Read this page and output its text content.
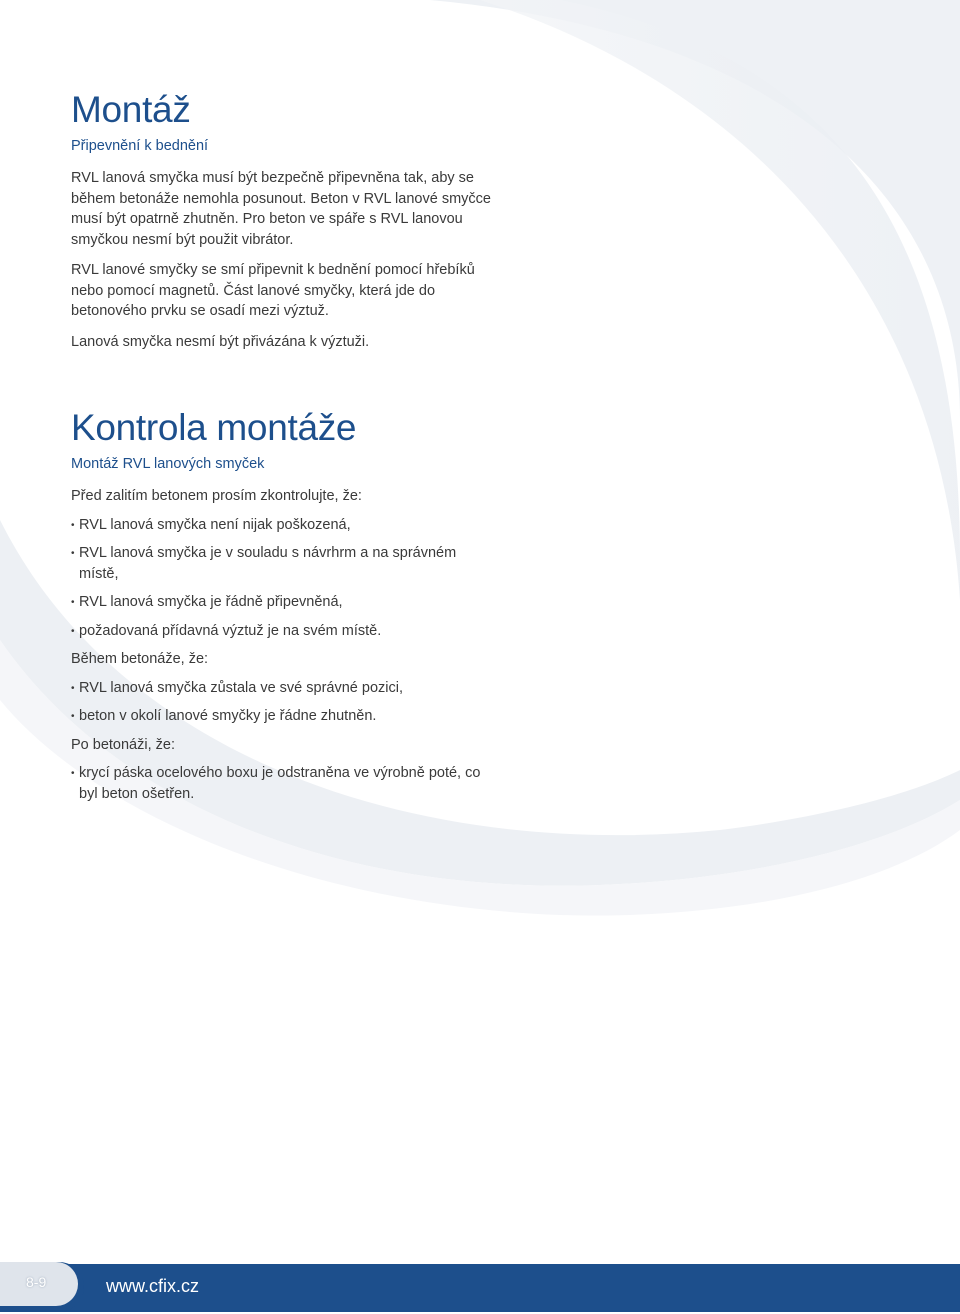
Montáž
Připevnění k bednění

RVL lanová smyčka musí být bezpečně připevněna tak, aby se během betonáže nemohla posunout. Beton v RVL lanové smyčce musí být opatrně zhutněn. Pro beton ve spáře s RVL lanovou smyčkou nesmí být použit vibrátor.

RVL lanové smyčky se smí připevnit k bednění pomocí hřebíků nebo pomocí magnetů. Část lanové smyčky, která jde do betonového prvku se osadí mezi výztuž.

Lanová smyčka nesmí být přivázána k výztuži.

Kontrola montáže
Montáž RVL lanových smyček

Před zalitím betonem prosím zkontrolujte, že:

• RVL lanová smyčka není nijak poškozená,
• RVL lanová smyčka je v souladu s návrhrm a na správném místě,
• RVL lanová smyčka je řádně připevněná,
• požadovaná přídavná výztuž je na svém místě.

Během betonáže, že:

• RVL lanová smyčka zůstala ve své správné pozici,
• beton v okolí lanové smyčky je řádne zhutněn.

Po betonáži, že:

• krycí páska ocelového boxu je odstraněna ve výrobně poté, co byl beton ošetřen.
8-9	www.cfix.cz
